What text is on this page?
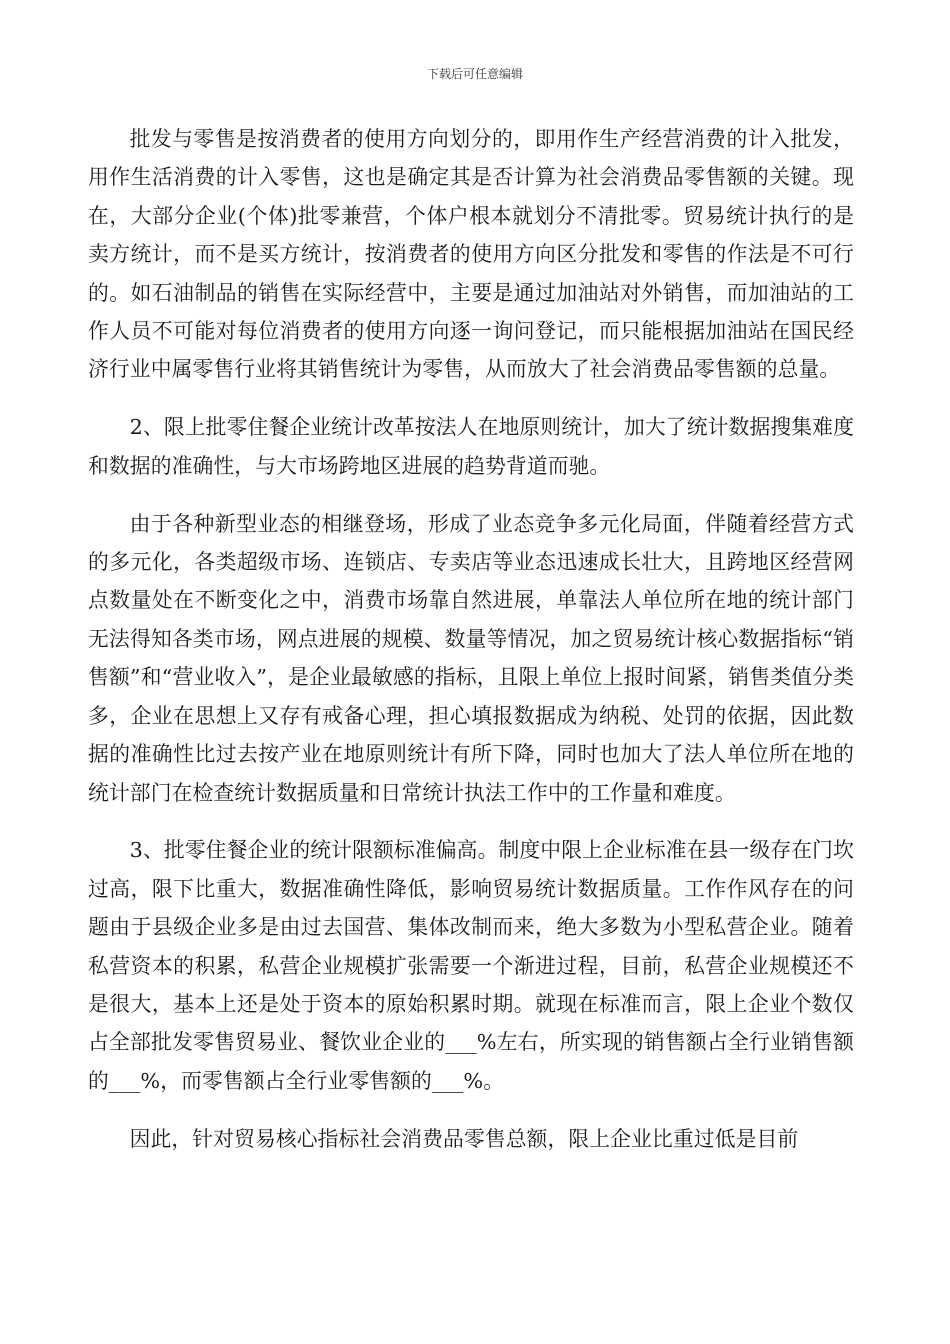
下载后可任意编辑

批发与零售是按消费者的使用方向划分的，即用作生产经营消费的计入批发，用作生活消费的计入零售，这也是确定其是否计算为社会消费品零售额的关键。现在，大部分企业(个体)批零兼营，个体户根本就划分不清批零。贸易统计执行的是卖方统计，而不是买方统计，按消费者的使用方向区分批发和零售的作法是不可行的。如石油制品的销售在实际经营中，主要是通过加油站对外销售，而加油站的工作人员不可能对每位消费者的使用方向逐一询问登记，而只能根据加油站在国民经济行业中属零售行业将其销售统计为零售，从而放大了社会消费品零售额的总量。

2、限上批零住餐企业统计改革按法人在地原则统计，加大了统计数据搜集难度和数据的准确性，与大市场跨地区进展的趋势背道而驰。

由于各种新型业态的相继登场，形成了业态竞争多元化局面，伴随着经营方式的多元化，各类超级市场、连锁店、专卖店等业态迅速成长壮大，且跨地区经营网点数量处在不断变化之中，消费市场靠自然进展，单靠法人单位所在地的统计部门无法得知各类市场，网点进展的规模、数量等情况，加之贸易统计核心数据指标“销售额”和“营业收入”，是企业最敏感的指标，且限上单位上报时间紧，销售类值分类多，企业在思想上又存有戒备心理，担心填报数据成为纳税、处罚的依据，因此数据的准确性比过去按产业在地原则统计有所下降，同时也加大了法人单位所在地的统计部门在检查统计数据质量和日常统计执法工作中的工作量和难度。

3、批零住餐企业的统计限额标准偏高。制度中限上企业标准在县一级存在门坎过高，限下比重大，数据准确性降低，影响贸易统计数据质量。工作作风存在的问题由于县级企业多是由过去国营、集体改制而来，绝大多数为小型私营企业。随着私营资本的积累，私营企业规模扩张需要一个渐进过程，目前，私营企业规模还不是很大，基本上还是处于资本的原始积累时期。就现在标准而言，限上企业个数仅占全部批发零售贸易业、餐饮业企业的___%左右，所实现的销售额占全行业销售额的___%，而零售额占全行业零售额的___%。

因此，针对贸易核心指标社会消费品零售总额，限上企业比重过低是目前
